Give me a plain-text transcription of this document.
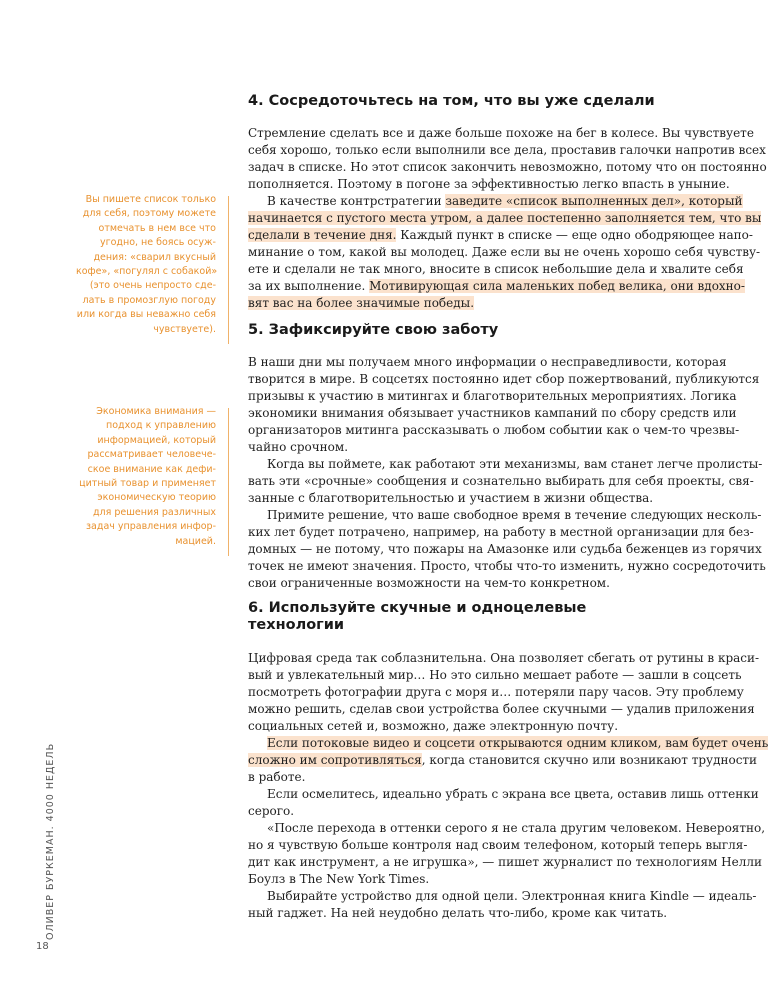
ОЛИВЕР БУРКЕМАН. 4000 НЕДЕЛЬ
18
Вы пишете список только
для себя, поэтому можете
отмечать в нем все что
угодно, не боясь осуж-
дения: «сварил вкусный
кофе», «погулял с собакой»
(это очень непросто сде-
лать в промозглую погоду
или когда вы неважно себя
чувствуете).
Экономика внимания —
подход к управлению
информацией, который
рассматривает человече-
ское внимание как дефи-
цитный товар и применяет
экономическую теорию
для решения различных
задач управления инфор-
мацией.
4. Сосредоточьтесь на том, что вы уже сделали
Стремление сделать все и даже больше похоже на бег в колесе. Вы чувствуете
себя хорошо, только если выполнили все дела, проставив галочки напротив всех
задач в списке. Но этот список закончить невозможно, потому что он постоянно
пополняется. Поэтому в погоне за эффективностью легко впасть в уныние.
В качестве контрстратегии заведите «список выполненных дел», который
начинается с пустого места утром, а далее постепенно заполняется тем, что вы
сделали в течение дня. Каждый пункт в списке — еще одно ободряющее напо-
минание о том, какой вы молодец. Даже если вы не очень хорошо себя чувству-
ете и сделали не так много, вносите в список небольшие дела и хвалите себя
за их выполнение. Мотивирующая сила маленьких побед велика, они вдохно-
вят вас на более значимые победы.
5. Зафиксируйте свою заботу
В наши дни мы получаем много информации о несправедливости, которая
творится в мире. В соцсетях постоянно идет сбор пожертвований, публикуются
призывы к участию в митингах и благотворительных мероприятиях. Логика
экономики внимания обязывает участников кампаний по сбору средств или
организаторов митинга рассказывать о любом событии как о чем-то чрезвы-
чайно срочном.
Когда вы поймете, как работают эти механизмы, вам станет легче пролисты-
вать эти «срочные» сообщения и сознательно выбирать для себя проекты, свя-
занные с благотворительностью и участием в жизни общества.
Примите решение, что ваше свободное время в течение следующих несколь-
ких лет будет потрачено, например, на работу в местной организации для без-
домных — не потому, что пожары на Амазонке или судьба беженцев из горячих
точек не имеют значения. Просто, чтобы что-то изменить, нужно сосредоточить
свои ограниченные возможности на чем-то конкретном.
6. Используйте скучные и одноцелевые
технологии
Цифровая среда так соблазнительна. Она позволяет сбегать от рутины в краси-
вый и увлекательный мир… Но это сильно мешает работе — зашли в соцсеть
посмотреть фотографии друга с моря и… потеряли пару часов. Эту проблему
можно решить, сделав свои устройства более скучными — удалив приложения
социальных сетей и, возможно, даже электронную почту.
Если потоковые видео и соцсети открываются одним кликом, вам будет очень
сложно им сопротивляться, когда становится скучно или возникают трудности
в работе.
Если осмелитесь, идеально убрать с экрана все цвета, оставив лишь оттенки
серого.
«После перехода в оттенки серого я не стала другим человеком. Невероятно,
но я чувствую больше контроля над своим телефоном, который теперь выгля-
дит как инструмент, а не игрушка», — пишет журналист по технологиям Нелли
Боулз в The New York Times.
Выбирайте устройство для одной цели. Электронная книга Kindle — идеаль-
ный гаджет. На ней неудобно делать что-либо, кроме как читать.
